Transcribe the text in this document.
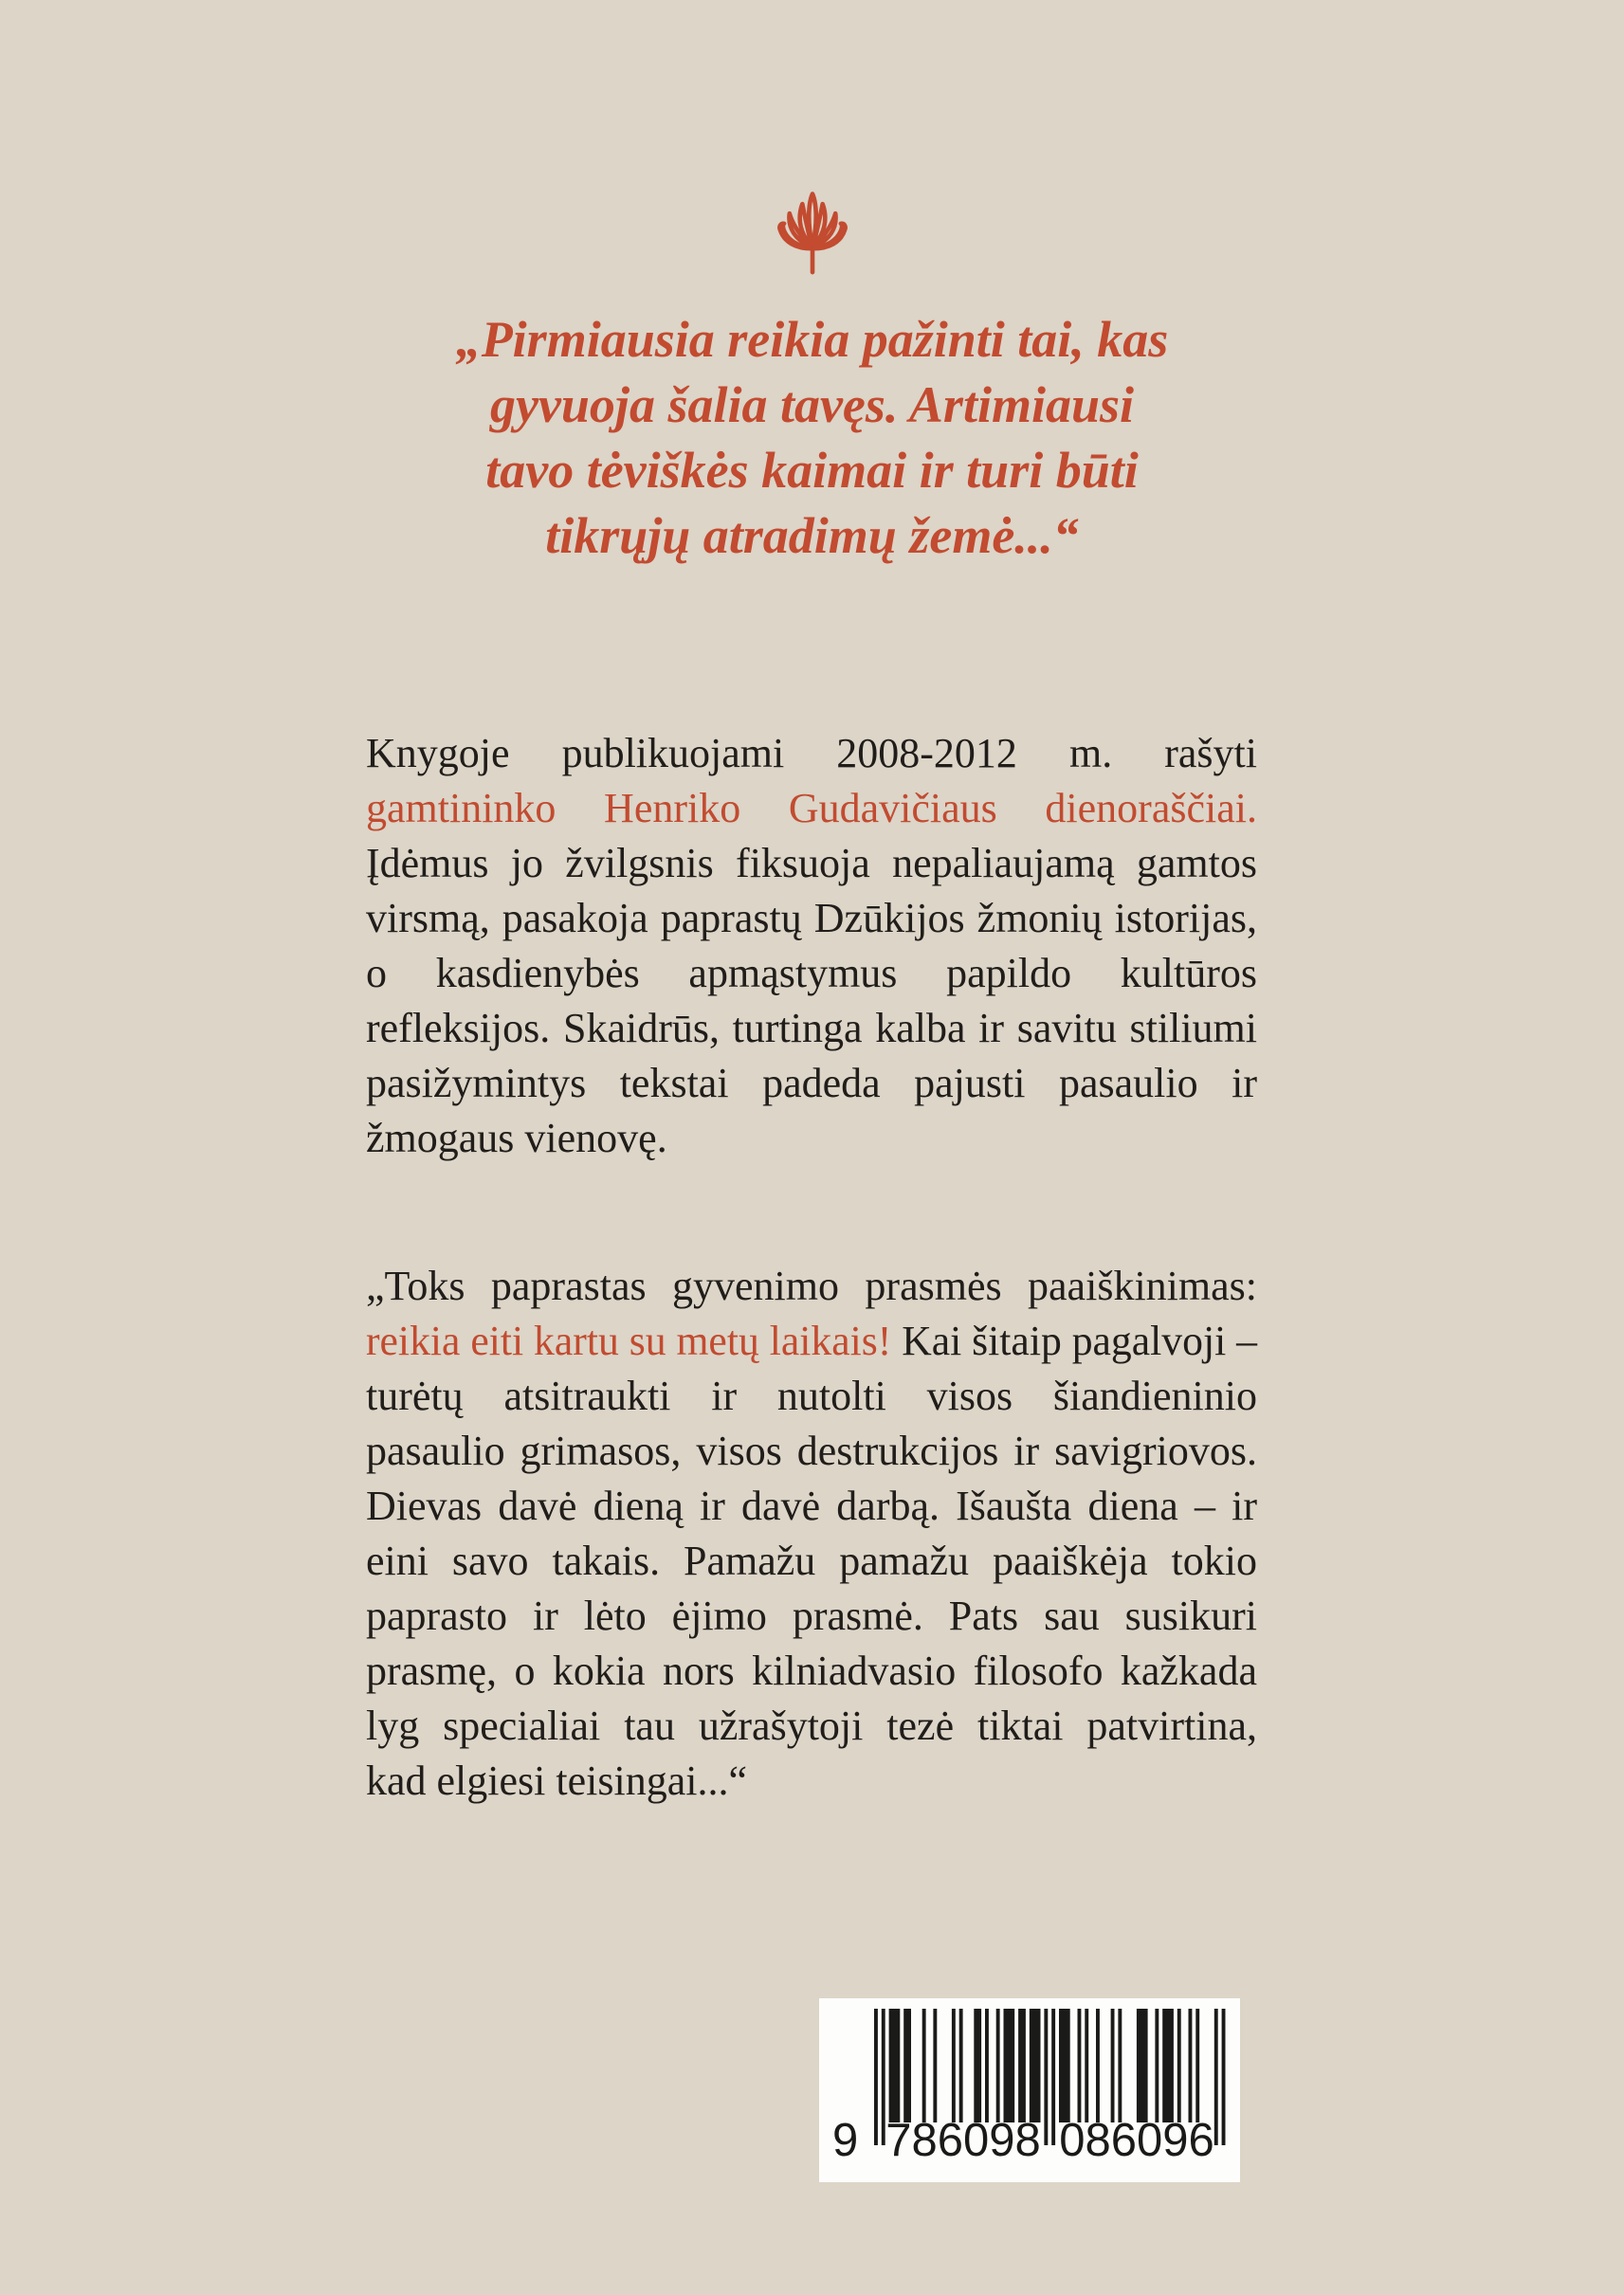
„Pirmiausia reikia pažinti tai, kas
gyvuoja šalia tavęs. Artimiausi
tavo tėviškės kaimai ir turi būti
tikrųjų atradimų žemė...“
Knygoje publikuojami 2008-2012 m. rašyti
gamtininko Henriko Gudavičiaus dienoraščiai.
Įdėmus jo žvilgsnis fiksuoja nepaliaujamą gamtos
virsmą, pasakoja paprastų Dzūkijos žmonių istorijas,
o kasdienybės apmąstymus papildo kultūros
refleksijos. Skaidrūs, turtinga kalba ir savitu stiliumi
pasižymintys tekstai padeda pajusti pasaulio ir
žmogaus vienovę.
„Toks paprastas gyvenimo prasmės paaiškinimas:
reikia eiti kartu su metų laikais! Kai šitaip pagalvoji –
turėtų atsitraukti ir nutolti visos šiandieninio
pasaulio grimasos, visos destrukcijos ir savigriovos.
Dievas davė dieną ir davė darbą. Išaušta diena – ir
eini savo takais. Pamažu pamažu paaiškėja tokio
paprasto ir lėto ėjimo prasmė. Pats sau susikuri
prasmę, o kokia nors kilniadvasio filosofo kažkada
lyg specialiai tau užrašytoji tezė tiktai patvirtina,
kad elgiesi teisingai...“
9 786098 086096
